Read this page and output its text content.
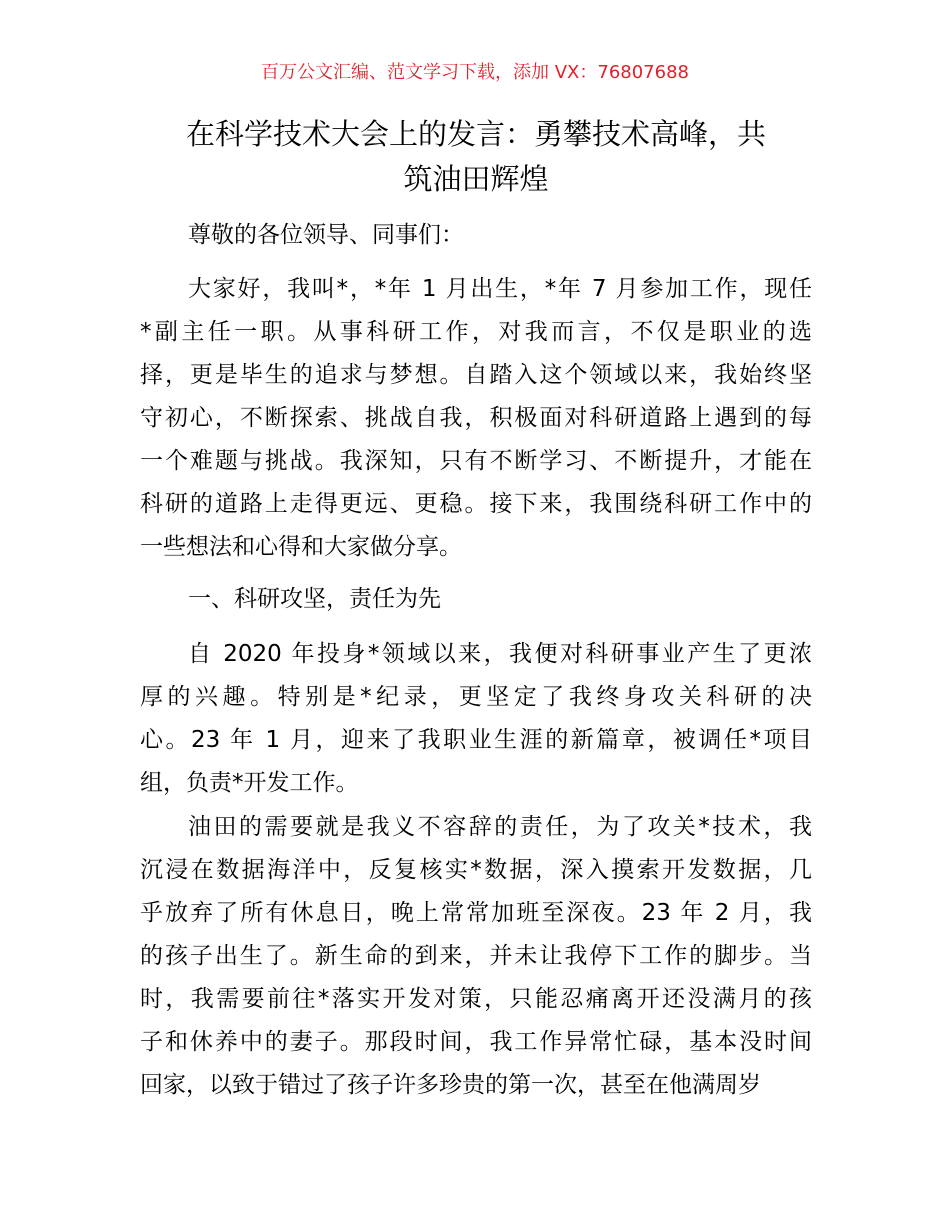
百万公文汇编、范文学习下载，添加 VX：76807688
在科学技术大会上的发言：勇攀技术高峰，共
筑油田辉煌
尊敬的各位领导、同事们：
大家好，我叫*，*年 1 月出生，*年 7 月参加工作，现任
*副主任一职。从事科研工作，对我而言，不仅是职业的选
择，更是毕生的追求与梦想。自踏入这个领域以来，我始终坚
守初心，不断探索、挑战自我，积极面对科研道路上遇到的每
一个难题与挑战。我深知，只有不断学习、不断提升，才能在
科研的道路上走得更远、更稳。接下来，我围绕科研工作中的
一些想法和心得和大家做分享。
一、科研攻坚，责任为先
自 2020 年投身*领域以来，我便对科研事业产生了更浓
厚的兴趣。特别是*纪录，更坚定了我终身攻关科研的决
心。23 年 1 月，迎来了我职业生涯的新篇章，被调任*项目
组，负责*开发工作。
油田的需要就是我义不容辞的责任，为了攻关*技术，我
沉浸在数据海洋中，反复核实*数据，深入摸索开发数据，几
乎放弃了所有休息日，晚上常常加班至深夜。23 年 2 月，我
的孩子出生了。新生命的到来，并未让我停下工作的脚步。当
时，我需要前往*落实开发对策，只能忍痛离开还没满月的孩
子和休养中的妻子。那段时间，我工作异常忙碌，基本没时间
回家，以致于错过了孩子许多珍贵的第一次，甚至在他满周岁
